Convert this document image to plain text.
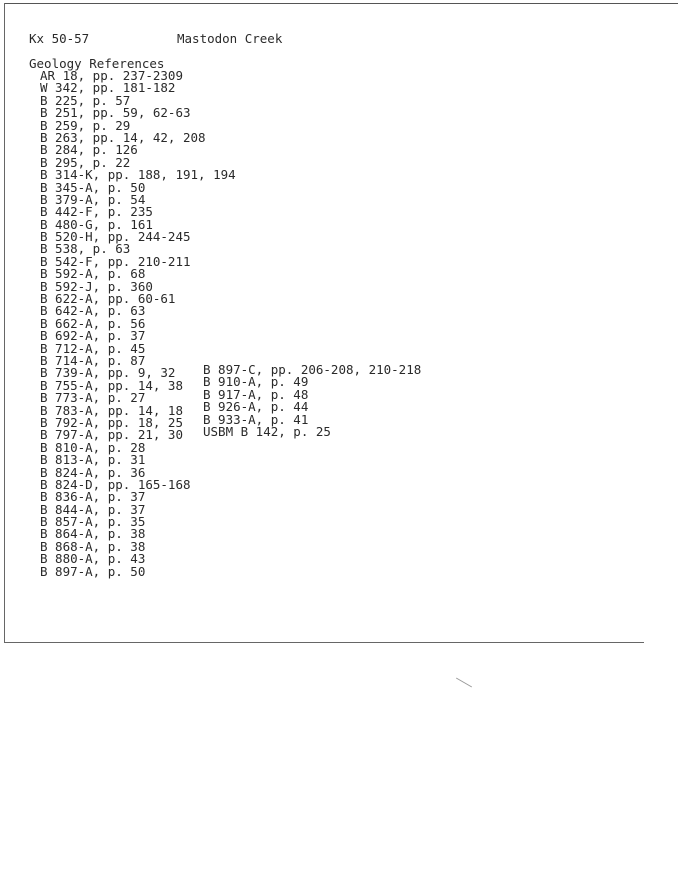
Kx 50-57	Mastodon Creek
Geology References
AR 18, pp. 237-2309
W 342, pp. 181-182
B 225, p. 57
B 251, pp. 59, 62-63
B 259, p. 29
B 263, pp. 14, 42, 208
B 284, p. 126
B 295, p. 22
B 314-K, pp. 188, 191, 194
B 345-A, p. 50
B 379-A, p. 54
B 442-F, p. 235
B 480-G, p. 161
B 520-H, pp. 244-245
B 538, p. 63
B 542-F, pp. 210-211
B 592-A, p. 68
B 592-J, p. 360
B 622-A, pp. 60-61
B 642-A, p. 63
B 662-A, p. 56
B 692-A, p. 37
B 712-A, p. 45
B 714-A, p. 87
B 739-A, pp. 9, 32
B 755-A, pp. 14, 38
B 773-A, p. 27
B 783-A, pp. 14, 18
B 792-A, pp. 18, 25
B 797-A, pp. 21, 30
B 810-A, p. 28
B 813-A, p. 31
B 824-A, p. 36
B 824-D, pp. 165-168
B 836-A, p. 37
B 844-A, p. 37
B 857-A, p. 35
B 864-A, p. 38
B 868-A, p. 38
B 880-A, p. 43
B 897-A, p. 50
B 897-C, pp. 206-208, 210-218
B 910-A, p. 49
B 917-A, p. 48
B 926-A, p. 44
B 933-A, p. 41
USBM B 142, p. 25
